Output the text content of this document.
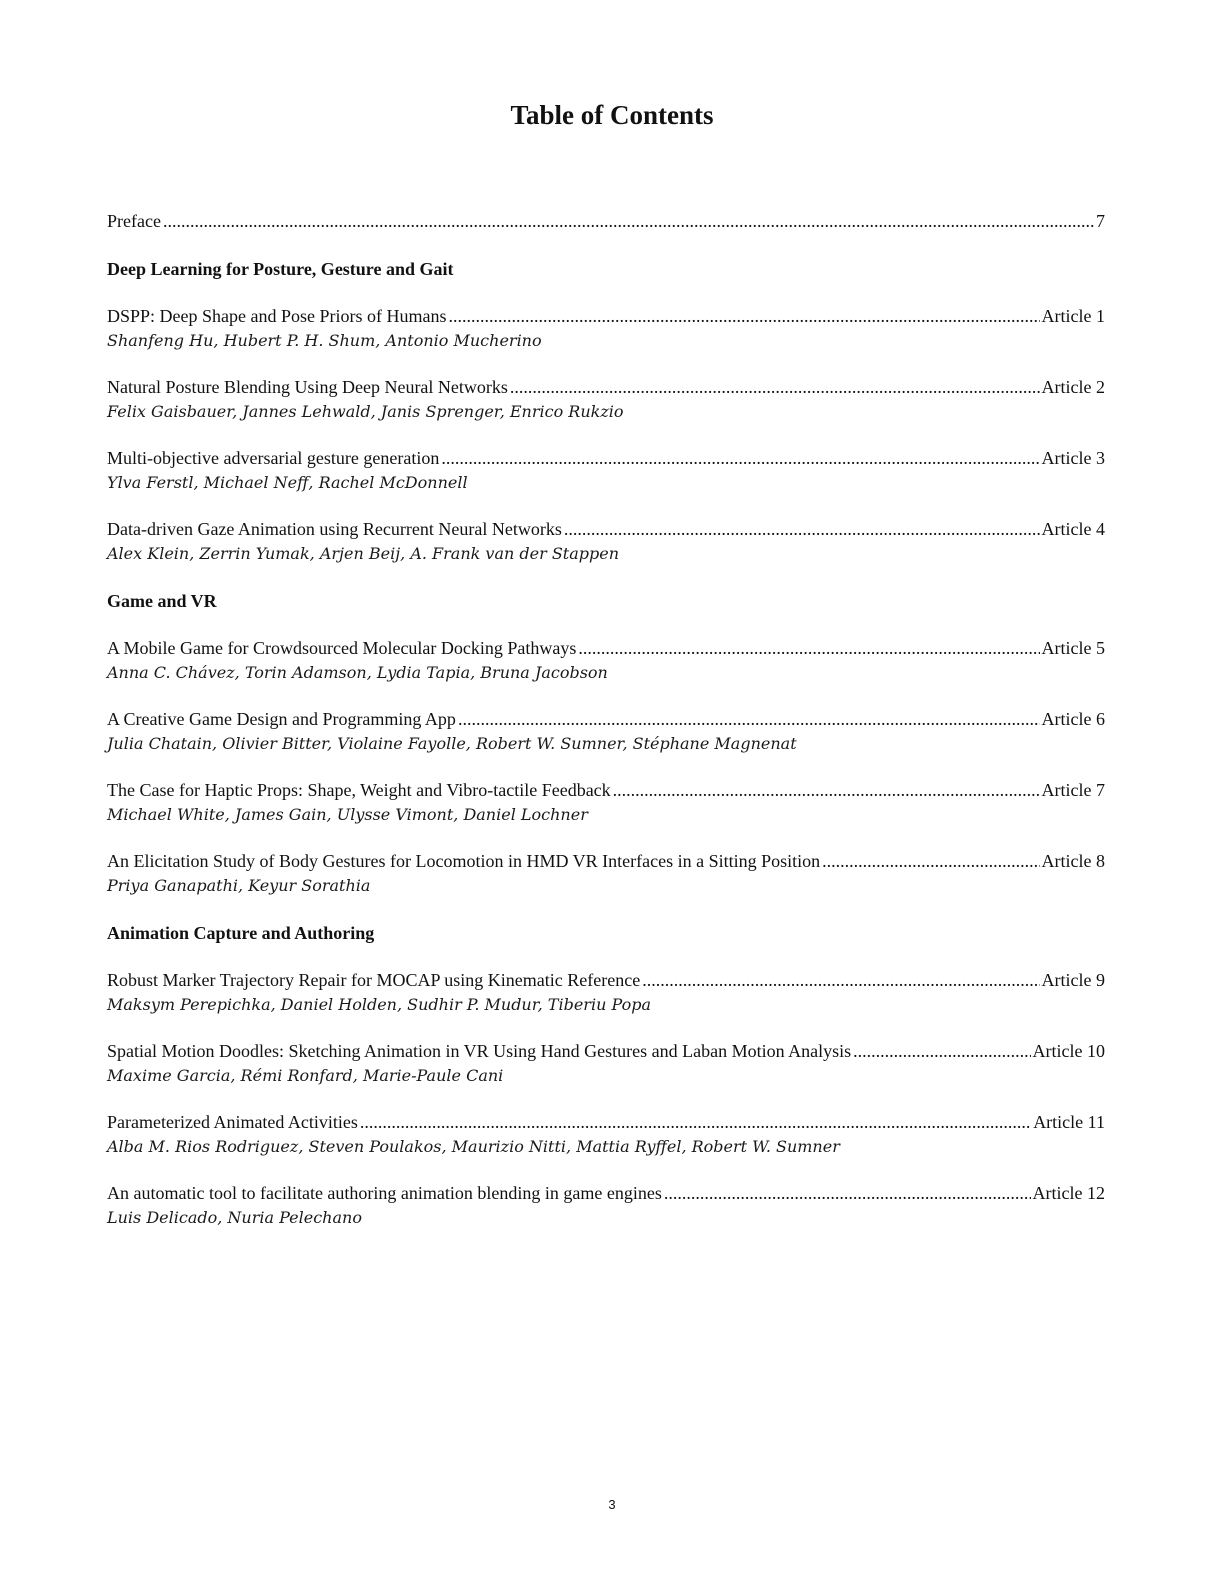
Table of Contents
Preface .....	7
Deep Learning for Posture, Gesture and Gait
DSPP: Deep Shape and Pose Priors of Humans .....	Article 1
Shanfeng Hu, Hubert P. H. Shum, Antonio Mucherino
Natural Posture Blending Using Deep Neural Networks .....	Article 2
Felix Gaisbauer, Jannes Lehwald, Janis Sprenger, Enrico Rukzio
Multi-objective adversarial gesture generation .....	Article 3
Ylva Ferstl, Michael Neff, Rachel McDonnell
Data-driven Gaze Animation using Recurrent Neural Networks .....	Article 4
Alex Klein, Zerrin Yumak, Arjen Beij, A. Frank van der Stappen
Game and VR
A Mobile Game for Crowdsourced Molecular Docking Pathways .....	Article 5
Anna C. Chávez, Torin Adamson, Lydia Tapia, Bruna Jacobson
A Creative Game Design and Programming App .....	Article 6
Julia Chatain, Olivier Bitter, Violaine Fayolle, Robert W. Sumner, Stéphane Magnenat
The Case for Haptic Props: Shape, Weight and Vibro-tactile Feedback .....	Article 7
Michael White, James Gain, Ulysse Vimont, Daniel Lochner
An Elicitation Study of Body Gestures for Locomotion in HMD VR Interfaces in a Sitting Position .....	Article 8
Priya Ganapathi, Keyur Sorathia
Animation Capture and Authoring
Robust Marker Trajectory Repair for MOCAP using Kinematic Reference .....	Article 9
Maksym Perepichka, Daniel Holden, Sudhir P. Mudur, Tiberiu Popa
Spatial Motion Doodles: Sketching Animation in VR Using Hand Gestures and Laban Motion Analysis .....	Article 10
Maxime Garcia, Rémi Ronfard, Marie-Paule Cani
Parameterized Animated Activities .....	Article 11
Alba M. Rios Rodriguez, Steven Poulakos, Maurizio Nitti, Mattia Ryffel, Robert W. Sumner
An automatic tool to facilitate authoring animation blending in game engines .....	Article 12
Luis Delicado, Nuria Pelechano
3
